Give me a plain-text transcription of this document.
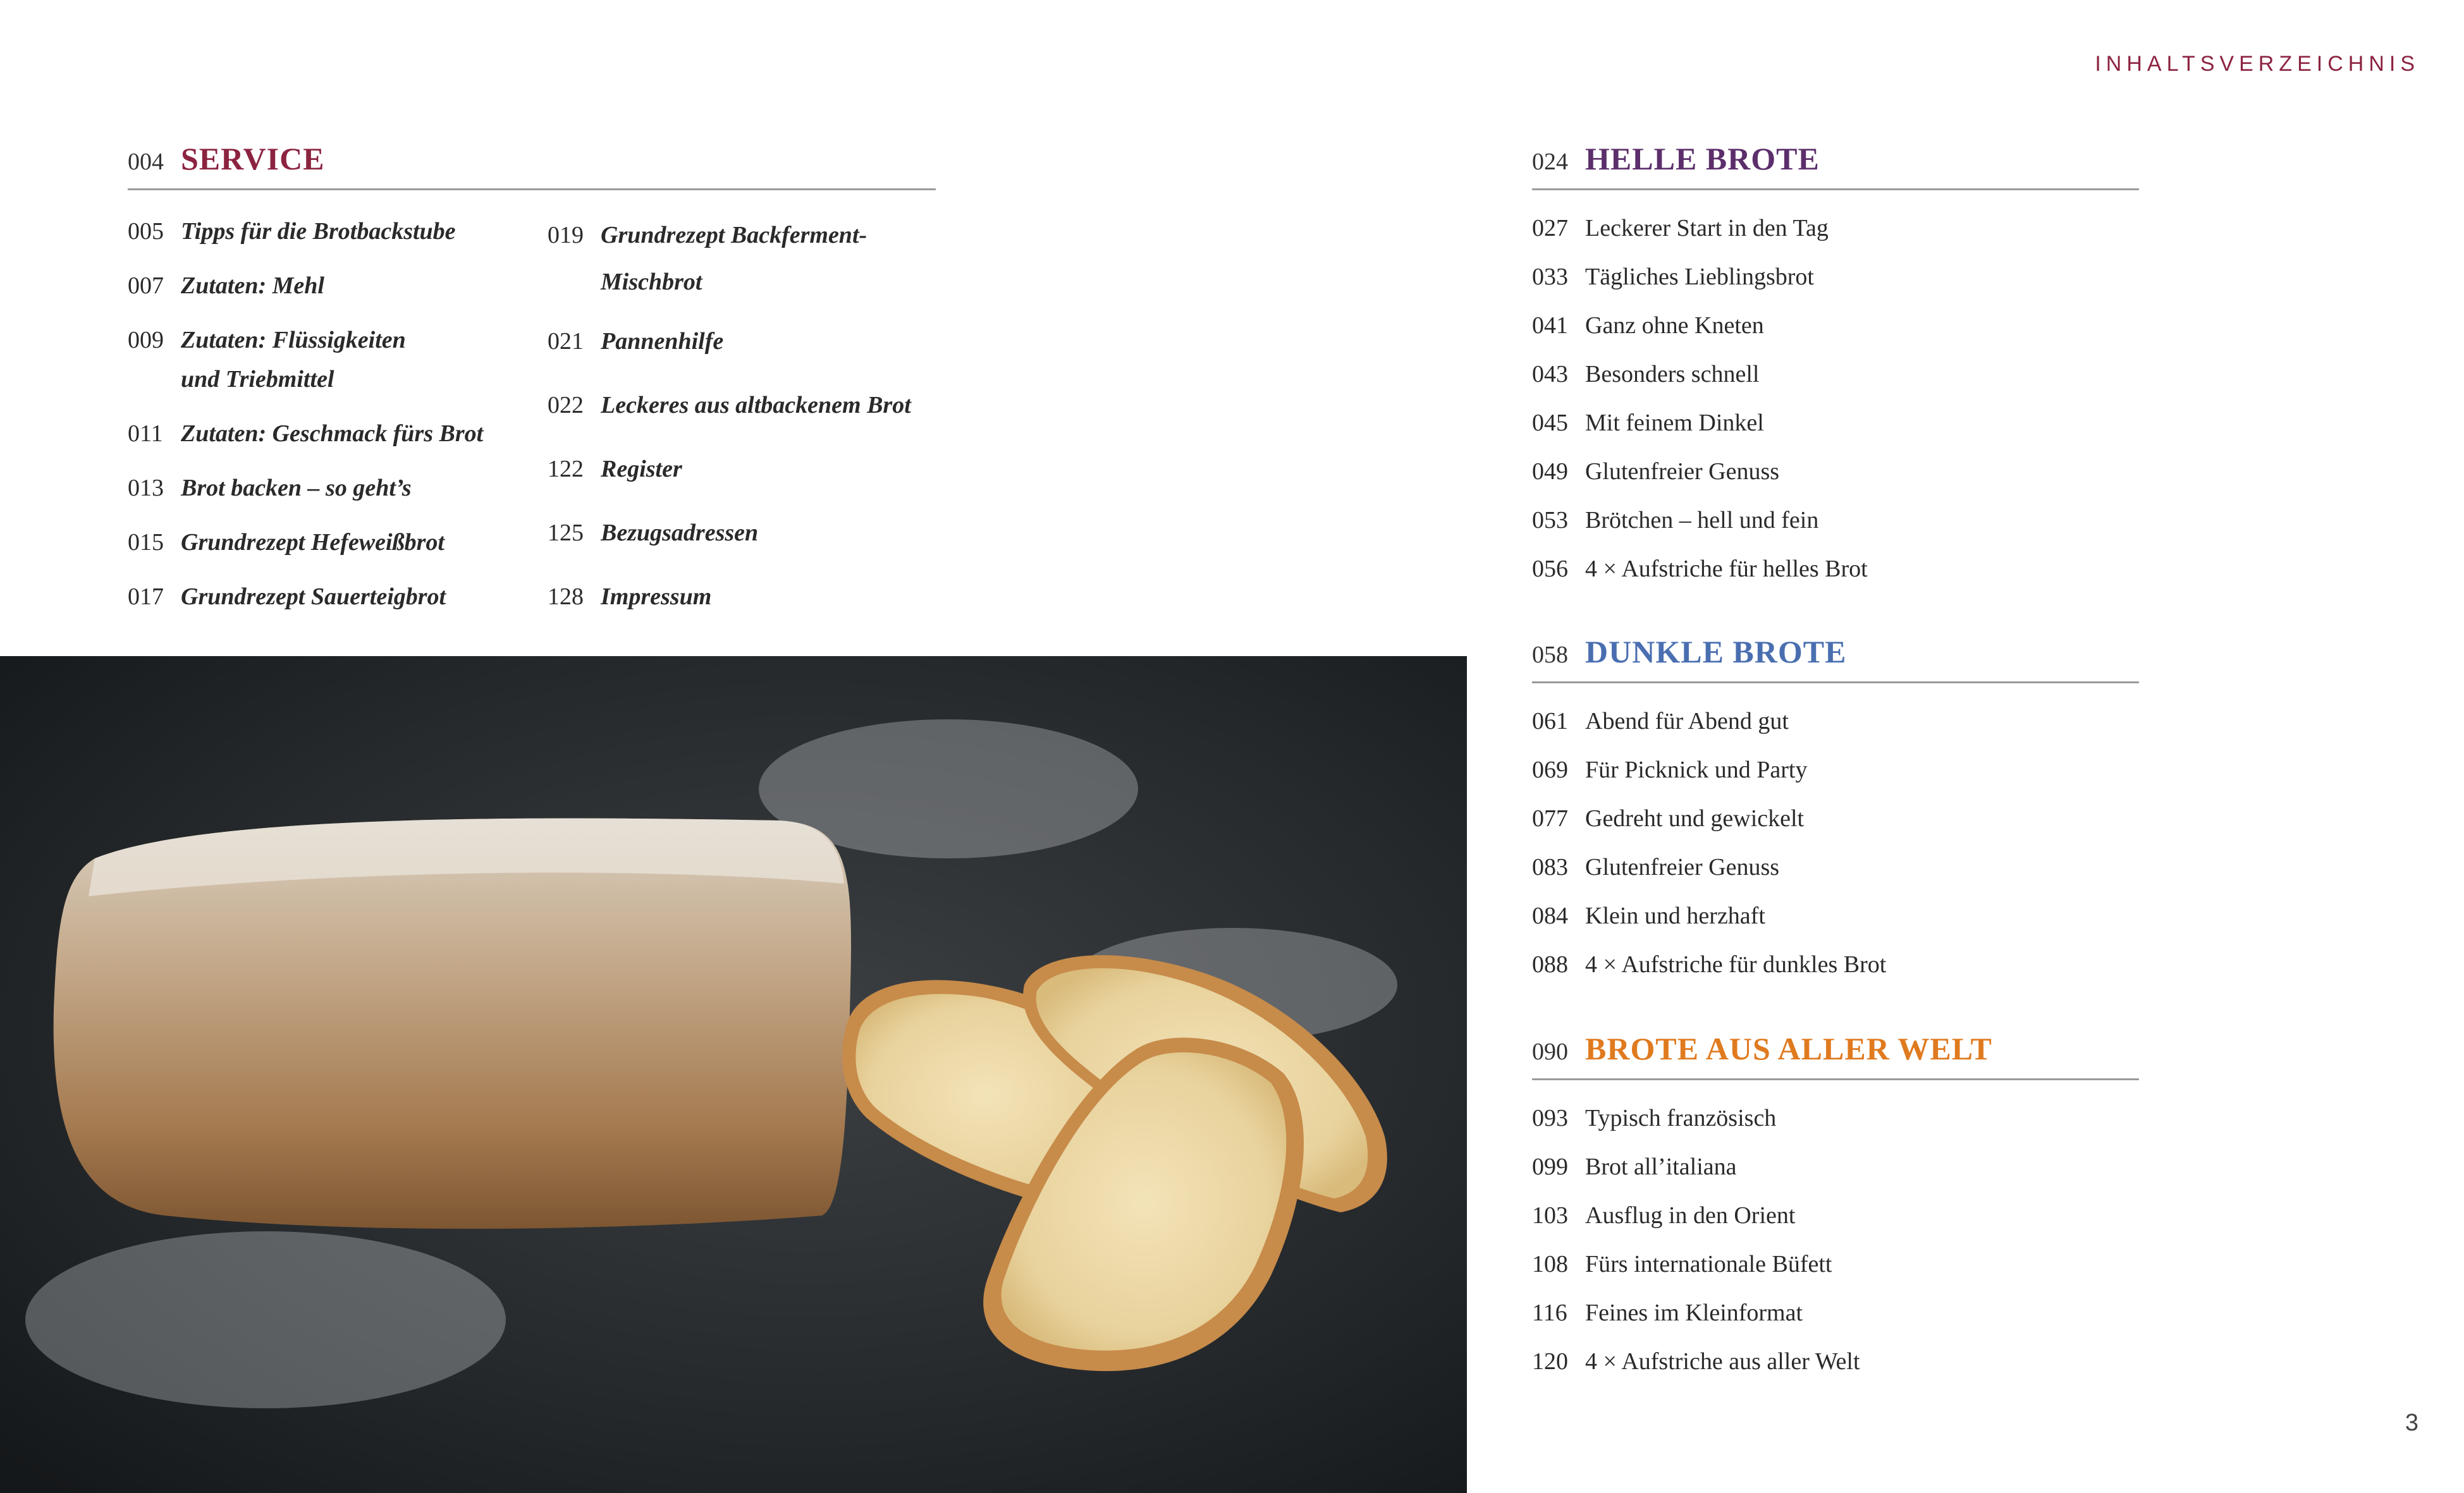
INHALTSVERZEICHNIS
004 SERVICE
005 Tipps für die Brotbackstube
007 Zutaten: Mehl
009 Zutaten: Flüssigkeiten
und Triebmittel
011 Zutaten: Geschmack fürs Brot
013 Brot backen – so geht’s
015 Grundrezept Hefeweißbrot
017 Grundrezept Sauerteigbrot
019 Grundrezept Backferment-
Mischbrot
021 Pannenhilfe
022 Leckeres aus altbackenem Brot
122 Register
125 Bezugsadressen
128 Impressum
024 HELLE BROTE
027 Leckerer Start in den Tag
033 Tägliches Lieblingsbrot
041 Ganz ohne Kneten
043 Besonders schnell
045 Mit feinem Dinkel
049 Glutenfreier Genuss
053 Brötchen – hell und fein
056 4 × Aufstriche für helles Brot
058 DUNKLE BROTE
061 Abend für Abend gut
069 Für Picknick und Party
077 Gedreht und gewickelt
083 Glutenfreier Genuss
084 Klein und herzhaft
088 4 × Aufstriche für dunkles Brot
090 BROTE AUS ALLER WELT
093 Typisch französisch
099 Brot all’italiana
103 Ausflug in den Orient
108 Fürs internationale Büfett
116 Feines im Kleinformat
120 4 × Aufstriche aus aller Welt
3
